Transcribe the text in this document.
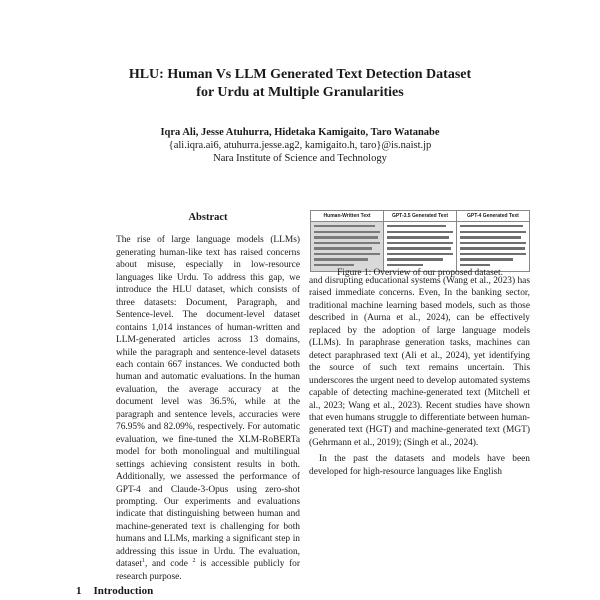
HLU: Human Vs LLM Generated Text Detection Dataset
for Urdu at Multiple Granularities
Iqra Ali, Jesse Atuhurra, Hidetaka Kamigaito, Taro Watanabe
{ali.iqra.ai6, atuhurra.jesse.ag2, kamigaito.h, taro}@is.naist.jp
Nara Institute of Science and Technology
Abstract

The rise of large language models (LLMs) generating human-like text has raised concerns about misuse, especially in low-resource languages like Urdu. To address this gap, we introduce the HLU dataset, which consists of three datasets: Document, Paragraph, and Sentence-level. The document-level dataset contains 1,014 instances of human-written and LLM-generated articles across 13 domains, while the paragraph and sentence-level datasets each contain 667 instances. We conducted both human and automatic evaluations. In the human evaluation, the average accuracy at the document level was 36.5%, while at the paragraph and sentence levels, accuracies were 76.95% and 82.09%, respectively. For automatic evaluation, we fine-tuned the XLM-RoBERTa model for both monolingual and multilingual settings achieving consistent results in both. Additionally, we assessed the performance of GPT-4 and Claude-3-Opus using zero-shot prompting. Our experiments and evaluations indicate that distinguishing between human and machine-generated text is challenging for both humans and LLMs, marking a significant step in addressing this issue in Urdu. The evaluation, dataset$^1$, and code $^2$ is accessible publicly for research purpose.

Human-Written Text	GPT-3.5 Generated Text	GPT-4 Generated Text

Figure 1: Overview of our proposed dataset.

and disrupting educational systems (Wang et al., 2023) has raised immediate concerns. Even, In the banking sector, traditional machine learning based models, such as those described in (Aurna et al., 2024), can be effectively replaced by the adoption of large language models (LLMs). In paraphrase generation tasks, machines can detect paraphrased text (Ali et al., 2024), yet identifying the source of such text remains uncertain. This underscores the urgent need to develop automated systems capable of detecting machine-generated text (Mitchell et al., 2023; Wang et al., 2023). Recent studies have shown that even humans struggle to differentiate between human-generated text (HGT) and machine-generated text (MGT) (Gehrmann et al., 2019); (Singh et al., 2024).

In the past the datasets and models have been developed for high-resource languages like English

1 Introduction
